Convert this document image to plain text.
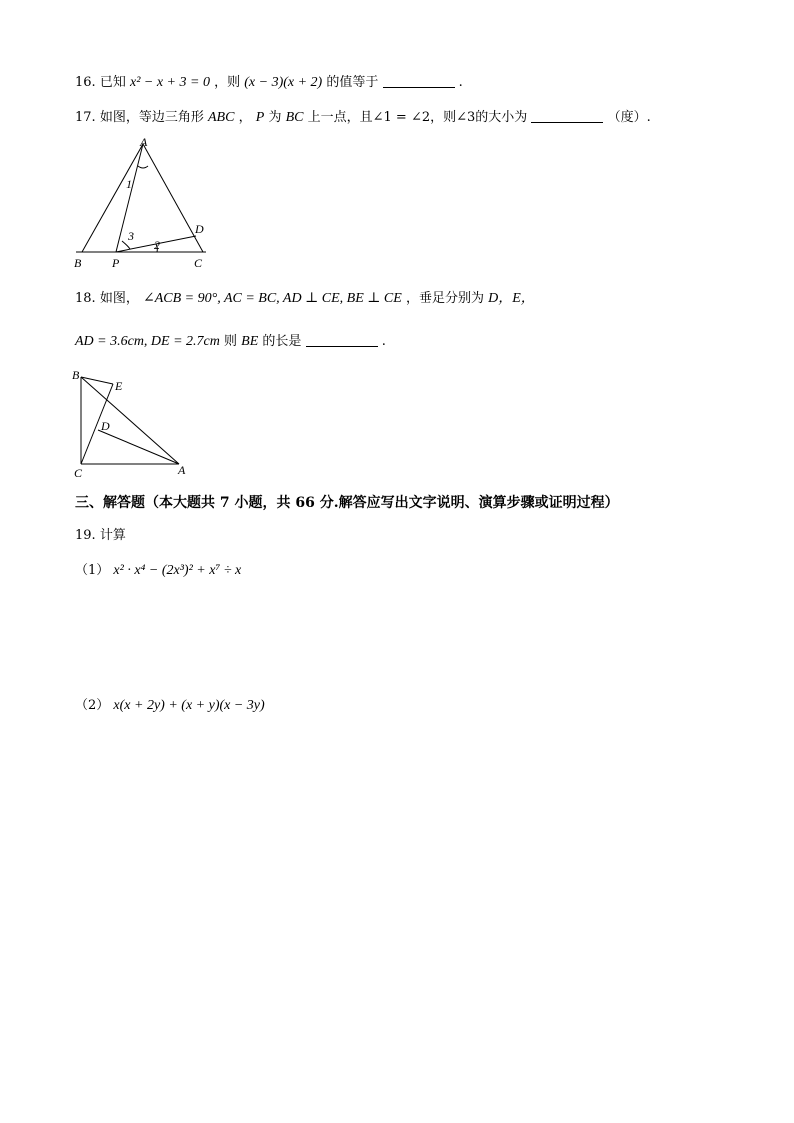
16. 已知 x² − x + 3 = 0 ，则 (x − 3)(x + 2) 的值等于	.
17. 如图，等边三角形 ABC ， P 为 BC 上一点，且∠1 = ∠2，则∠3的大小为	（度）.
A
B	P	C
D
1
2
3
18. 如图， ∠ACB = 90°, AC = BC, AD ⊥ CE, BE ⊥ CE ，垂足分别为 D，E，
AD = 3.6cm, DE = 2.7cm 则 BE 的长是	.
B
E
D
C	A
三、解答题（本大题共 7 小题，共 66 分.解答应写出文字说明、演算步骤或证明过程）
19. 计算
（1） x² · x⁴ − (2x³)² + x⁷ ÷ x
（2） x(x + 2y) + (x + y)(x − 3y)
